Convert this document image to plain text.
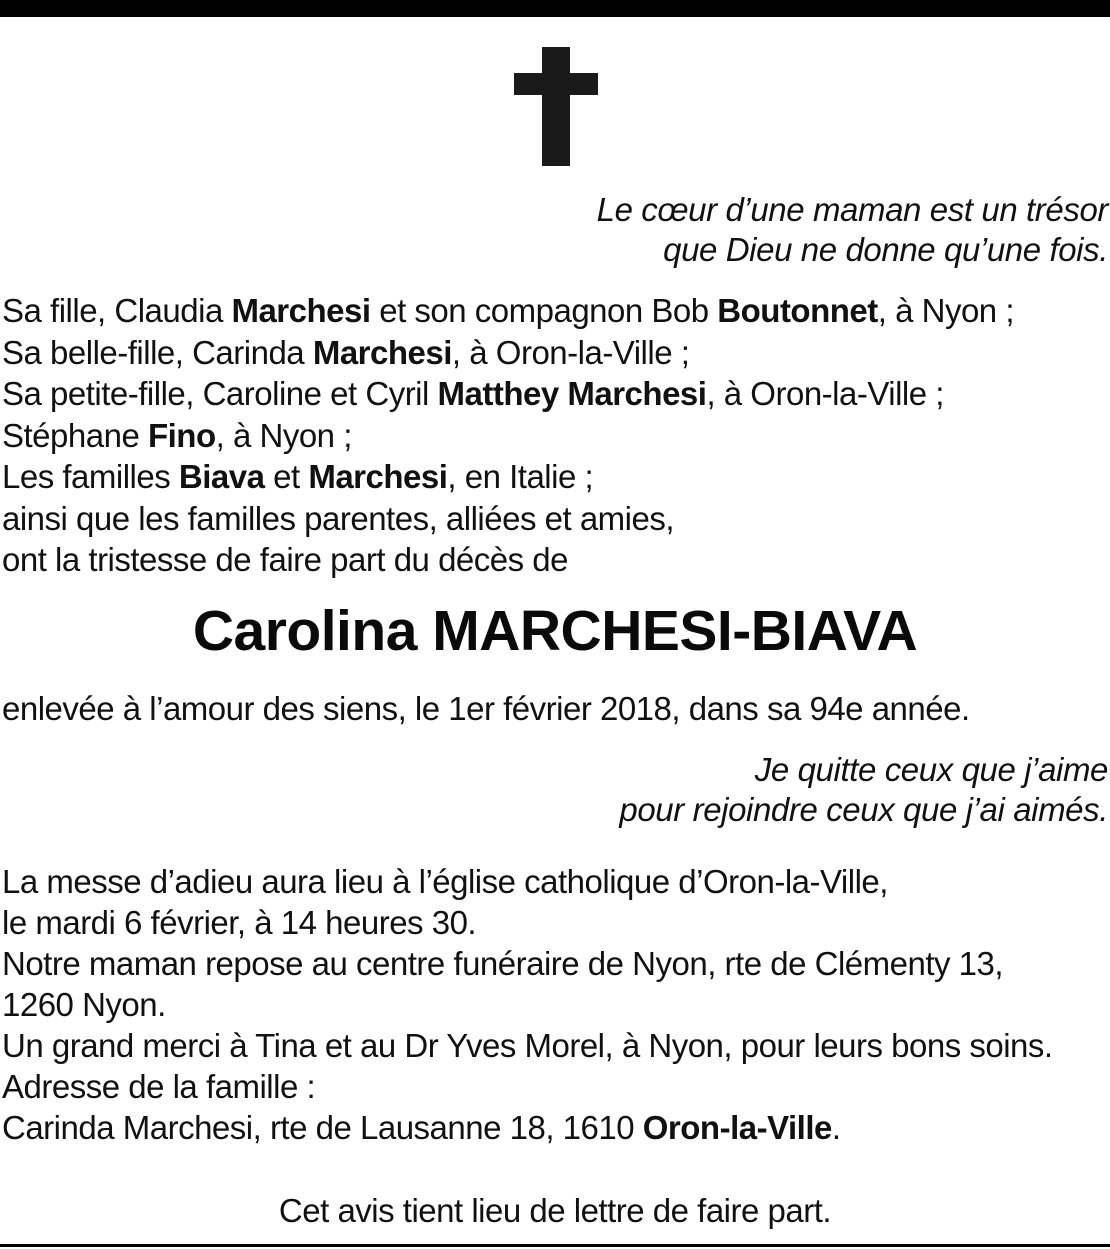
Le cœur d’une maman est un trésor
que Dieu ne donne qu’une fois.
Sa fille, Claudia Marchesi et son compagnon Bob Boutonnet, à Nyon ;
Sa belle-fille, Carinda Marchesi, à Oron-la-Ville ;
Sa petite-fille, Caroline et Cyril Matthey Marchesi, à Oron-la-Ville ;
Stéphane Fino, à Nyon ;
Les familles Biava et Marchesi, en Italie ;
ainsi que les familles parentes, alliées et amies,
ont la tristesse de faire part du décès de
Carolina MARCHESI-BIAVA
enlevée à l’amour des siens, le 1er février 2018, dans sa 94e année.
Je quitte ceux que j’aime
pour rejoindre ceux que j’ai aimés.
La messe d’adieu aura lieu à l’église catholique d’Oron-la-Ville,
le mardi 6 février, à 14 heures 30.
Notre maman repose au centre funéraire de Nyon, rte de Clémenty 13,
1260 Nyon.
Un grand merci à Tina et au Dr Yves Morel, à Nyon, pour leurs bons soins.
Adresse de la famille :
Carinda Marchesi, rte de Lausanne 18, 1610 Oron-la-Ville.
Cet avis tient lieu de lettre de faire part.
